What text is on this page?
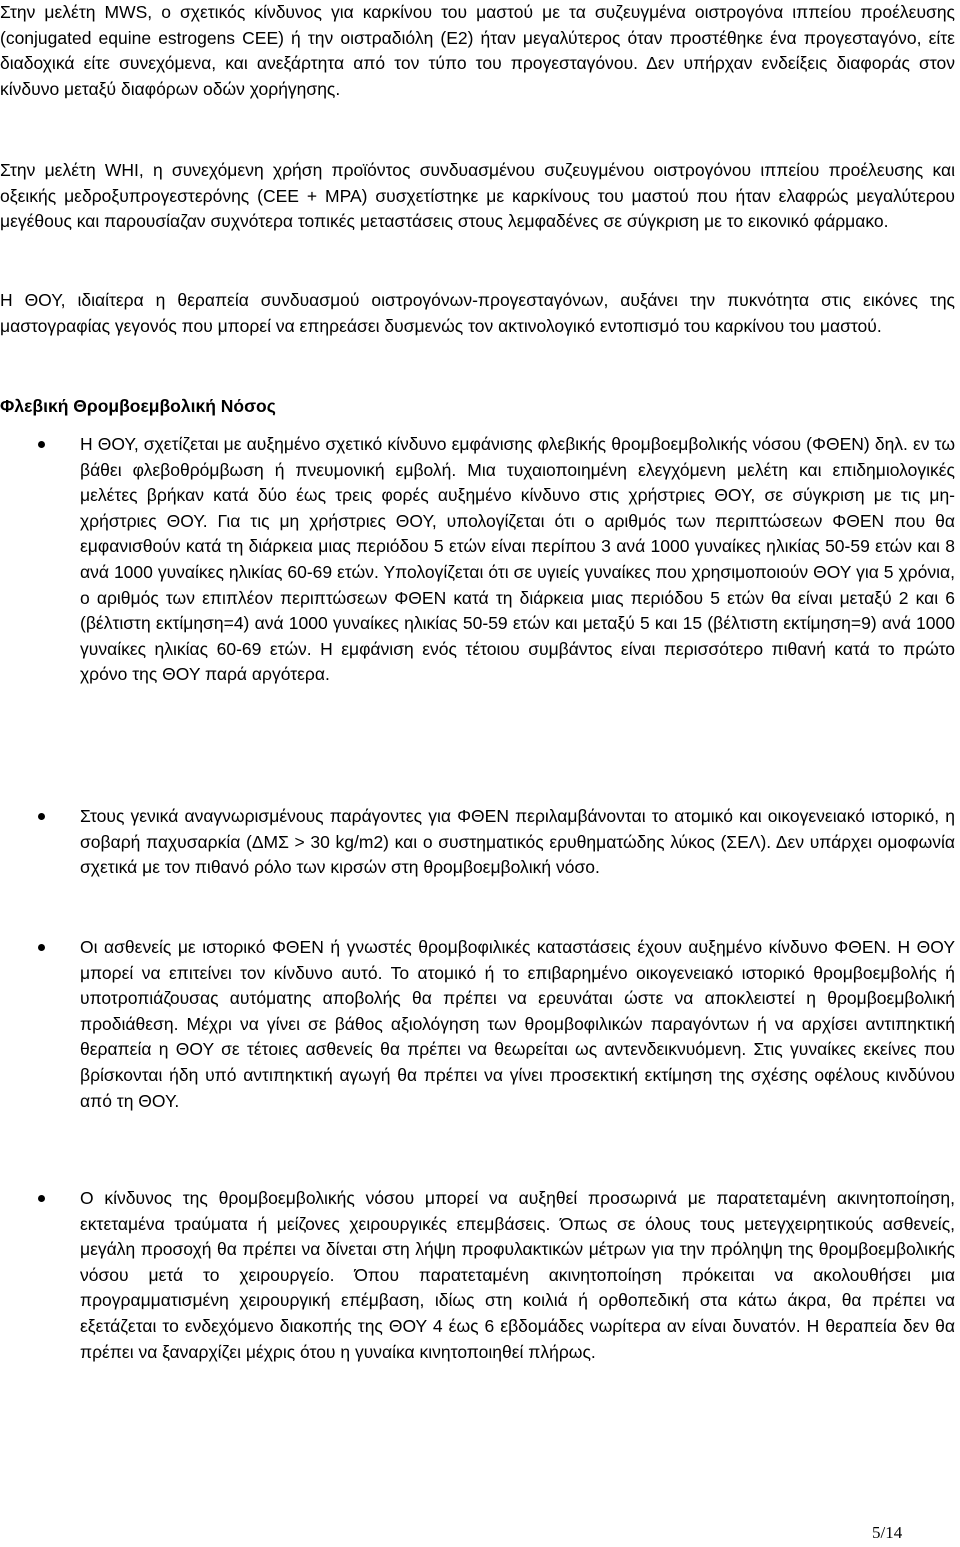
Στην μελέτη MWS, ο σχετικός κίνδυνος για καρκίνου του μαστού με τα συζευγμένα οιστρογόνα ιππείου προέλευσης (conjugated equine estrogens CEE) ή την οιστραδιόλη (E2) ήταν μεγαλύτερος όταν προστέθηκε ένα προγεσταγόνο, είτε διαδοχικά είτε συνεχόμενα, και ανεξάρτητα από τον τύπο του προγεσταγόνου. Δεν υπήρχαν ενδείξεις διαφοράς στον κίνδυνο μεταξύ διαφόρων οδών χορήγησης.

Στην μελέτη WHI, η συνεχόμενη χρήση προϊόντος συνδυασμένου συζευγμένου οιστρογόνου ιππείου προέλευσης και οξεικής μεδροξυπρογεστερόνης (CEE + MPA) συσχετίστηκε με καρκίνους του μαστού που ήταν ελαφρώς μεγαλύτερου μεγέθους και παρουσίαζαν συχνότερα τοπικές μεταστάσεις στους λεμφαδένες σε σύγκριση με το εικονικό φάρμακο.

Η ΘΟΥ, ιδιαίτερα η θεραπεία συνδυασμού οιστρογόνων-προγεσταγόνων, αυξάνει την πυκνότητα στις εικόνες της μαστογραφίας γεγονός που μπορεί να επηρεάσει δυσμενώς τον ακτινολογικό εντοπισμό του καρκίνου του μαστού.

Φλεβική Θρομβοεμβολική Νόσος
Η ΘΟΥ, σχετίζεται με αυξημένο σχετικό κίνδυνο εμφάνισης φλεβικής θρομβοεμβολικής νόσου (ΦΘΕΝ) δηλ. εν τω βάθει φλεβοθρόμβωση ή πνευμονική εμβολή. Μια τυχαιοποιημένη ελεγχόμενη μελέτη και επιδημιολογικές μελέτες βρήκαν κατά δύο έως τρεις φορές αυξημένο κίνδυνο στις χρήστριες ΘΟΥ, σε σύγκριση με τις μη-χρήστριες ΘΟΥ. Για τις μη χρήστριες ΘΟΥ, υπολογίζεται ότι ο αριθμός των περιπτώσεων ΦΘΕΝ που θα εμφανισθούν κατά τη διάρκεια μιας περιόδου 5 ετών είναι περίπου 3 ανά 1000 γυναίκες ηλικίας 50-59 ετών και 8 ανά 1000 γυναίκες ηλικίας 60-69 ετών. Υπολογίζεται ότι σε υγιείς γυναίκες που χρησιμοποιούν ΘΟΥ για 5 χρόνια, ο αριθμός των επιπλέον περιπτώσεων ΦΘΕΝ κατά τη διάρκεια μιας περιόδου 5 ετών θα είναι μεταξύ 2 και 6 (βέλτιστη εκτίμηση=4) ανά 1000 γυναίκες ηλικίας 50-59 ετών και μεταξύ 5 και 15 (βέλτιστη εκτίμηση=9) ανά 1000 γυναίκες ηλικίας 60-69 ετών. Η εμφάνιση ενός τέτοιου συμβάντος είναι περισσότερο πιθανή κατά το πρώτο χρόνο της ΘΟΥ παρά αργότερα.
Στους γενικά αναγνωρισμένους παράγοντες για ΦΘΕΝ περιλαμβάνονται το ατομικό και οικογενειακό ιστορικό, η σοβαρή παχυσαρκία (ΔΜΣ > 30 kg/m2) και ο συστηματικός ερυθηματώδης λύκος (ΣΕΛ). Δεν υπάρχει ομοφωνία σχετικά με τον πιθανό ρόλο των κιρσών στη θρομβοεμβολική νόσο.
Οι ασθενείς με ιστορικό ΦΘΕΝ ή γνωστές θρομβοφιλικές καταστάσεις έχουν αυξημένο κίνδυνο ΦΘΕΝ. Η ΘΟΥ μπορεί να επιτείνει τον κίνδυνο αυτό. Το ατομικό ή το επιβαρημένο οικογενειακό ιστορικό θρομβοεμβολής ή υποτροπιάζουσας αυτόματης αποβολής θα πρέπει να ερευνάται ώστε να αποκλειστεί η θρομβοεμβολική προδιάθεση. Μέχρι να γίνει σε βάθος αξιολόγηση των θρομβοφιλικών παραγόντων ή να αρχίσει αντιπηκτική θεραπεία η ΘΟΥ σε τέτοιες ασθενείς θα πρέπει να θεωρείται ως αντενδεικνυόμενη. Στις γυναίκες εκείνες που βρίσκονται ήδη υπό αντιπηκτική αγωγή θα πρέπει να γίνει προσεκτική εκτίμηση της σχέσης οφέλους κινδύνου από τη ΘΟΥ.
Ο κίνδυνος της θρομβοεμβολικής νόσου μπορεί να αυξηθεί προσωρινά με παρατεταμένη ακινητοποίηση, εκτεταμένα τραύματα ή μείζονες χειρουργικές επεμβάσεις. Όπως σε όλους τους μετεγχειρητικούς ασθενείς, μεγάλη προσοχή θα πρέπει να δίνεται στη λήψη προφυλακτικών μέτρων για την πρόληψη της θρομβοεμβολικής νόσου μετά το χειρουργείο. Όπου παρατεταμένη ακινητοποίηση πρόκειται να ακολουθήσει μια προγραμματισμένη χειρουργική επέμβαση, ιδίως στη κοιλιά ή ορθοπεδική στα κάτω άκρα, θα πρέπει να εξετάζεται το ενδεχόμενο διακοπής της ΘΟΥ 4 έως 6 εβδομάδες νωρίτερα αν είναι δυνατόν. Η θεραπεία δεν θα πρέπει να ξαναρχίζει μέχρις ότου η γυναίκα κινητοποιηθεί πλήρως.
5/14
